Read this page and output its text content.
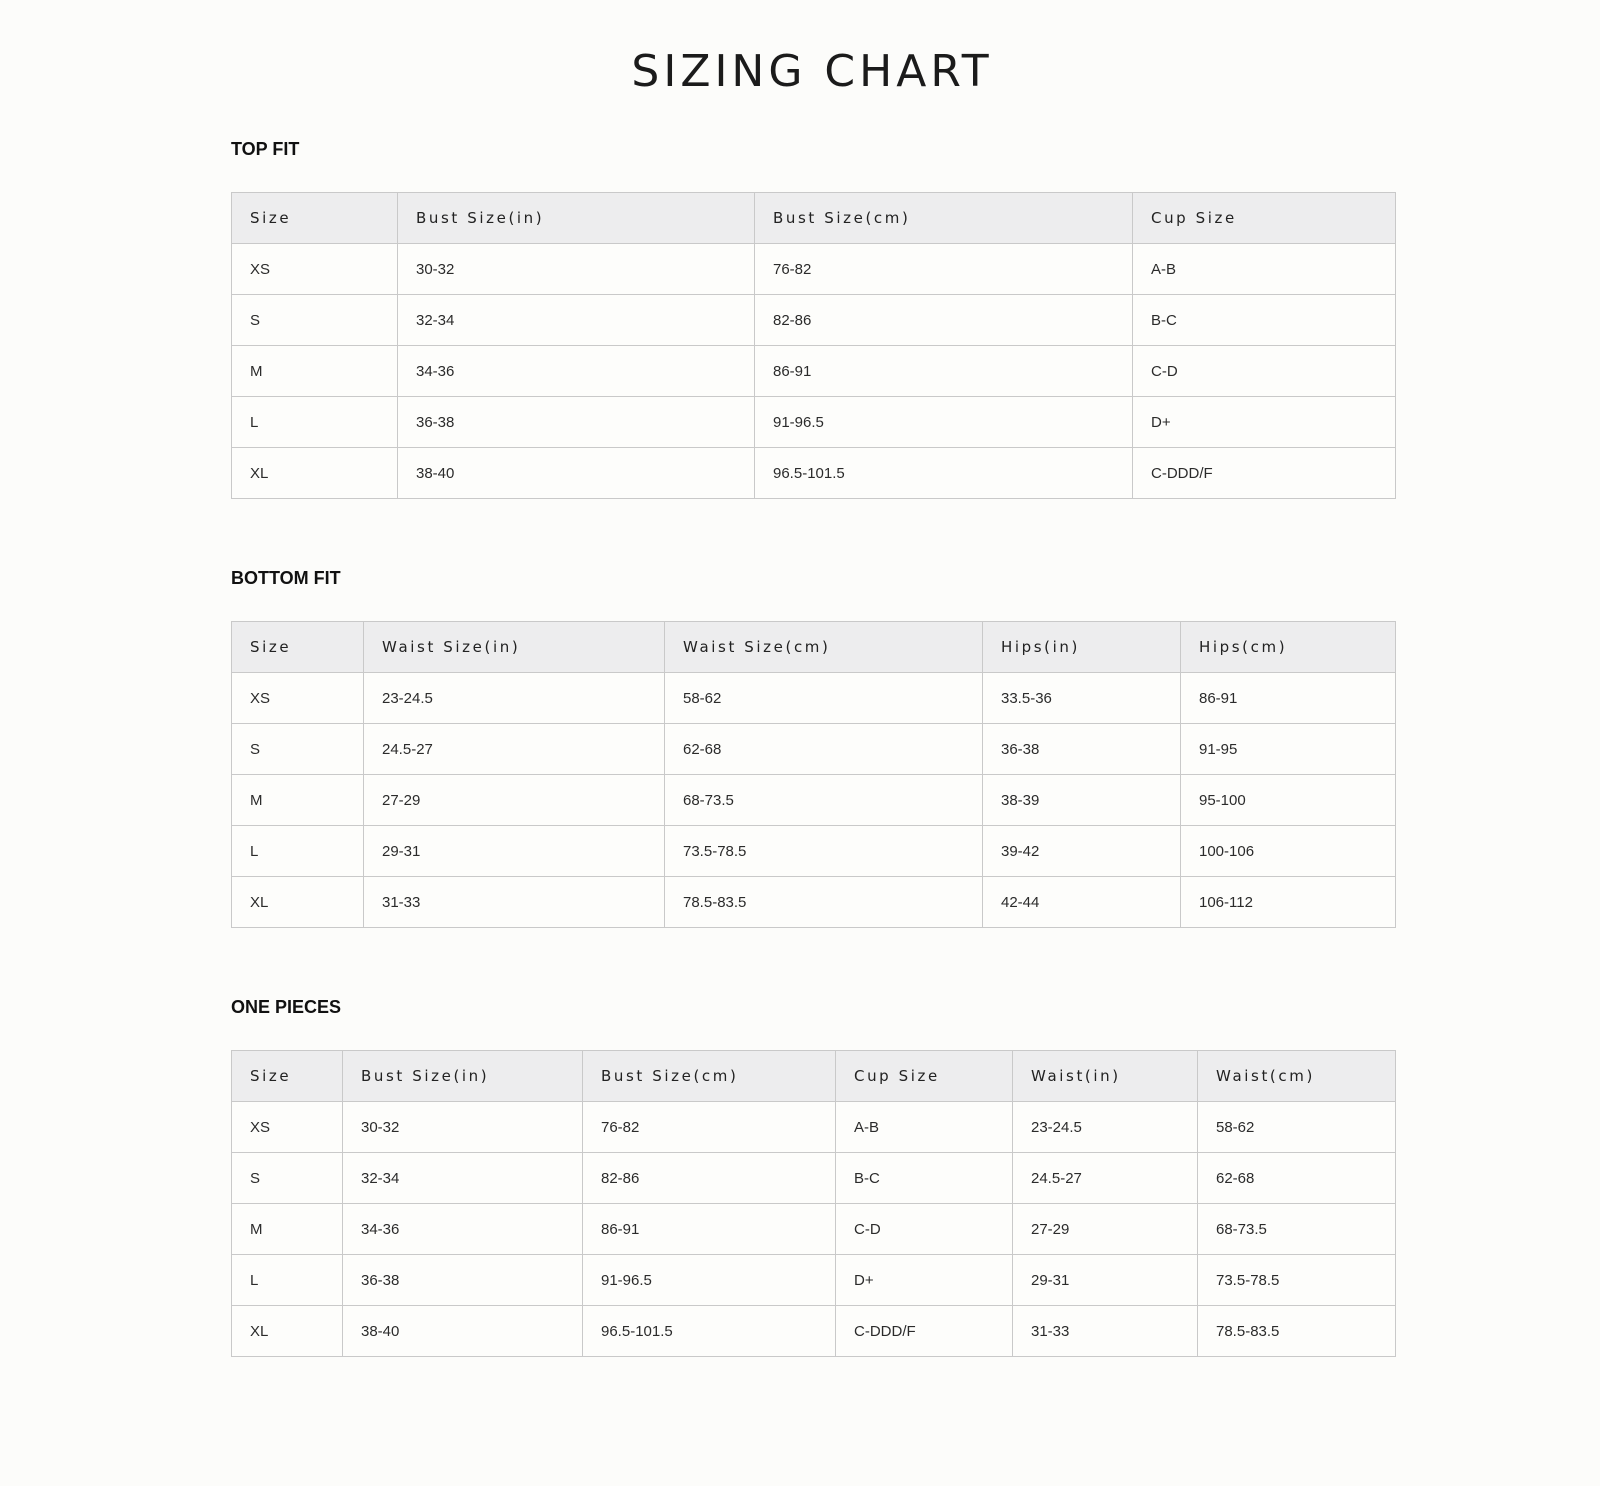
SIZING CHART
TOP FIT
Size	Bust Size(in)	Bust Size(cm)	Cup Size
XS	30-32	76-82	A-B
S	32-34	82-86	B-C
M	34-36	86-91	C-D
L	36-38	91-96.5	D+
XL	38-40	96.5-101.5	C-DDD/F
BOTTOM FIT
Size	Waist Size(in)	Waist Size(cm)	Hips(in)	Hips(cm)
XS	23-24.5	58-62	33.5-36	86-91
S	24.5-27	62-68	36-38	91-95
M	27-29	68-73.5	38-39	95-100
L	29-31	73.5-78.5	39-42	100-106
XL	31-33	78.5-83.5	42-44	106-112
ONE PIECES
Size	Bust Size(in)	Bust Size(cm)	Cup Size	Waist(in)	Waist(cm)
XS	30-32	76-82	A-B	23-24.5	58-62
S	32-34	82-86	B-C	24.5-27	62-68
M	34-36	86-91	C-D	27-29	68-73.5
L	36-38	91-96.5	D+	29-31	73.5-78.5
XL	38-40	96.5-101.5	C-DDD/F	31-33	78.5-83.5
